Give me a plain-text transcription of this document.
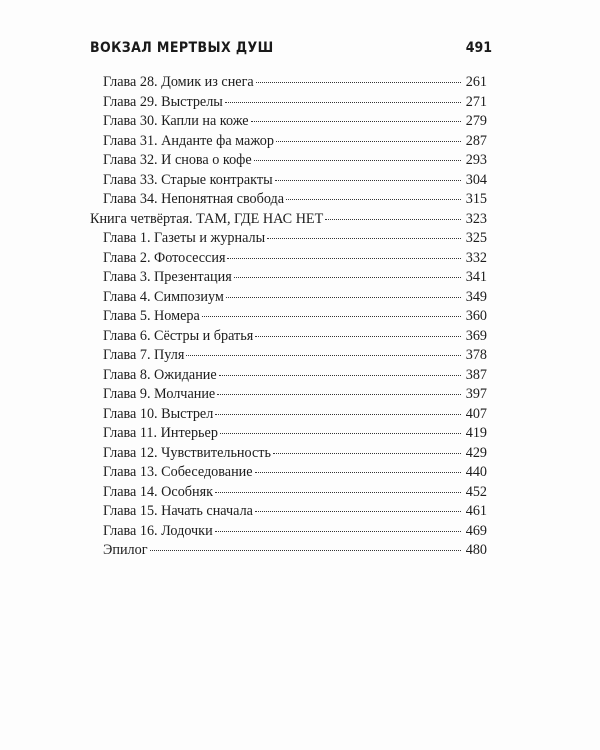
ВОКЗАЛ МЕРТВЫХ ДУШ	491
Глава 28. Домик из снега	261
Глава 29. Выстрелы	271
Глава 30. Капли на коже	279
Глава 31. Анданте фа мажор	287
Глава 32. И снова о кофе	293
Глава 33. Старые контракты	304
Глава 34. Непонятная свобода	315
Книга четвёртая. ТАМ, ГДЕ НАС НЕТ	323
Глава 1. Газеты и журналы	325
Глава 2. Фотосессия	332
Глава 3. Презентация	341
Глава 4. Симпозиум	349
Глава 5. Номера	360
Глава 6. Сёстры и братья	369
Глава 7. Пуля	378
Глава 8. Ожидание	387
Глава 9. Молчание	397
Глава 10. Выстрел	407
Глава 11. Интерьер	419
Глава 12. Чувствительность	429
Глава 13. Собеседование	440
Глава 14. Особняк	452
Глава 15. Начать сначала	461
Глава 16. Лодочки	469
Эпилог	480
